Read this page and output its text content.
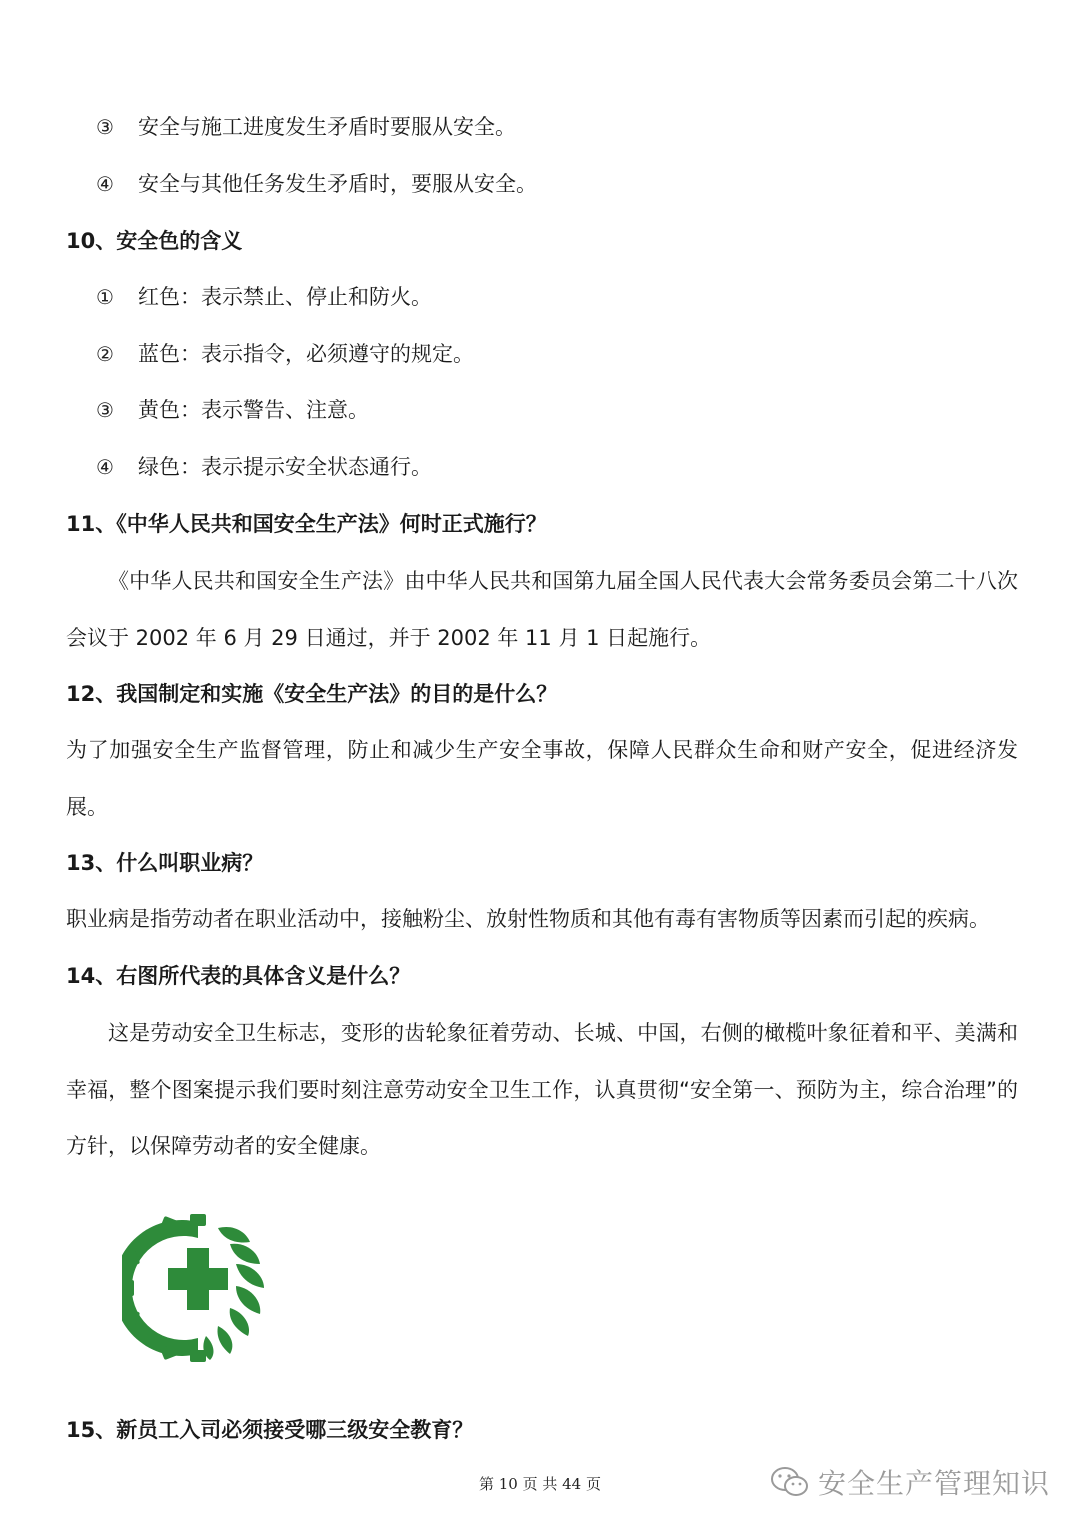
③ 安全与施工进度发生矛盾时要服从安全。
④ 安全与其他任务发生矛盾时，要服从安全。
10、安全色的含义
① 红色：表示禁止、停止和防火。
② 蓝色：表示指令，必须遵守的规定。
③ 黄色：表示警告、注意。
④ 绿色：表示提示安全状态通行。
11、《中华人民共和国安全生产法》何时正式施行？
《中华人民共和国安全生产法》由中华人民共和国第九届全国人民代表大会常务委员会第二十八次会议于 2002 年 6 月 29 日通过，并于 2002 年 11 月 1 日起施行。
12、我国制定和实施《安全生产法》的目的是什么？
为了加强安全生产监督管理，防止和减少生产安全事故，保障人民群众生命和财产安全，促进经济发展。
13、什么叫职业病？
职业病是指劳动者在职业活动中，接触粉尘、放射性物质和其他有毒有害物质等因素而引起的疾病。
14、右图所代表的具体含义是什么？
这是劳动安全卫生标志，变形的齿轮象征着劳动、长城、中国，右侧的橄榄叶象征着和平、美满和幸福，整个图案提示我们要时刻注意劳动安全卫生工作，认真贯彻“安全第一、预防为主，综合治理”的方针，以保障劳动者的安全健康。
15、新员工入司必须接受哪三级安全教育？
第 10 页 共 44 页	安全生产管理知识
